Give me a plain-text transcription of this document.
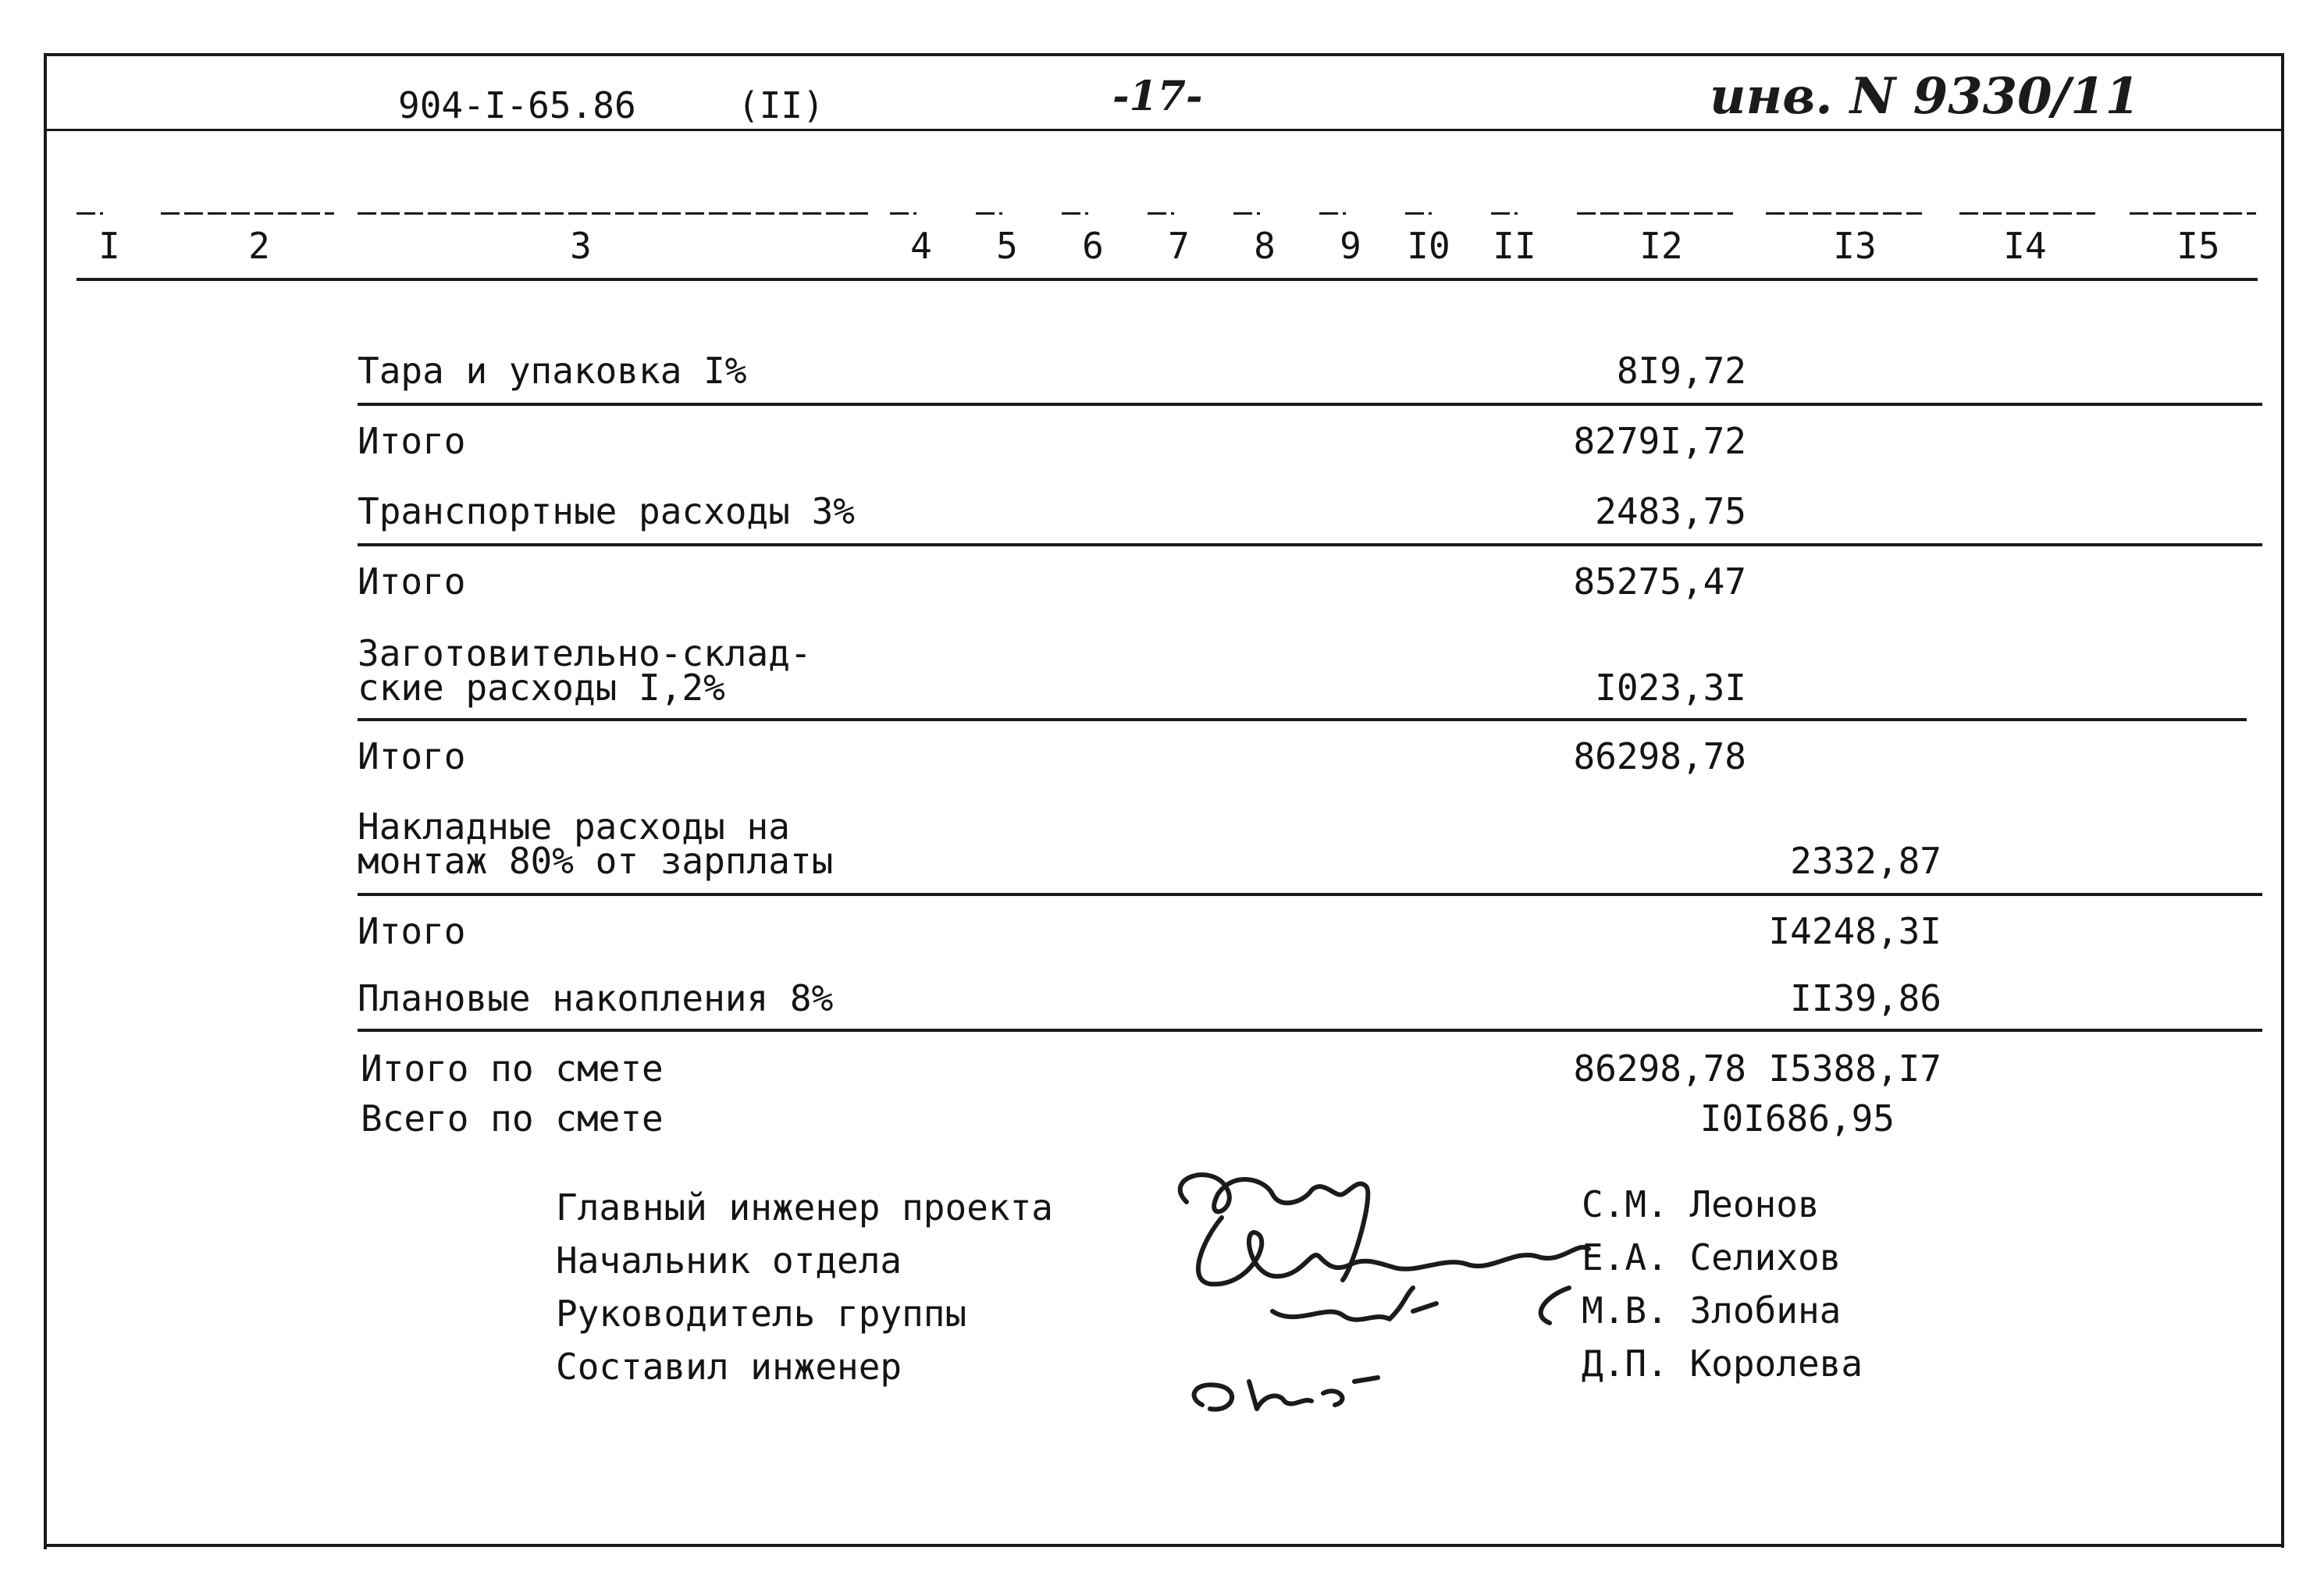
904-I-65.86	(II)	-17-	инв. N 9330/11
I	2	3	4 5 6 7 8 9 I0 II	I2	I3	I4	I5
Тара и упаковка I%	8I9,72
Итого	8279I,72
Транспортные расходы 3%	2483,75
Итого	85275,47
Заготовительно-склад-
ские расходы I,2%	I023,3I
Итого	86298,78
Накладные расходы на
монтаж 80% от зарплаты	2332,87
Итого	I4248,3I
Плановые накопления 8%	II39,86
Итого по смете	86298,78 I5388,I7
Всего по смете	I0I686,95
Главный инженер проекта	С.М. Леонов
Начальник отдела	Е.А. Селихов
Руководитель группы	М.В. Злобина
Составил инженер	Д.П. Королева
